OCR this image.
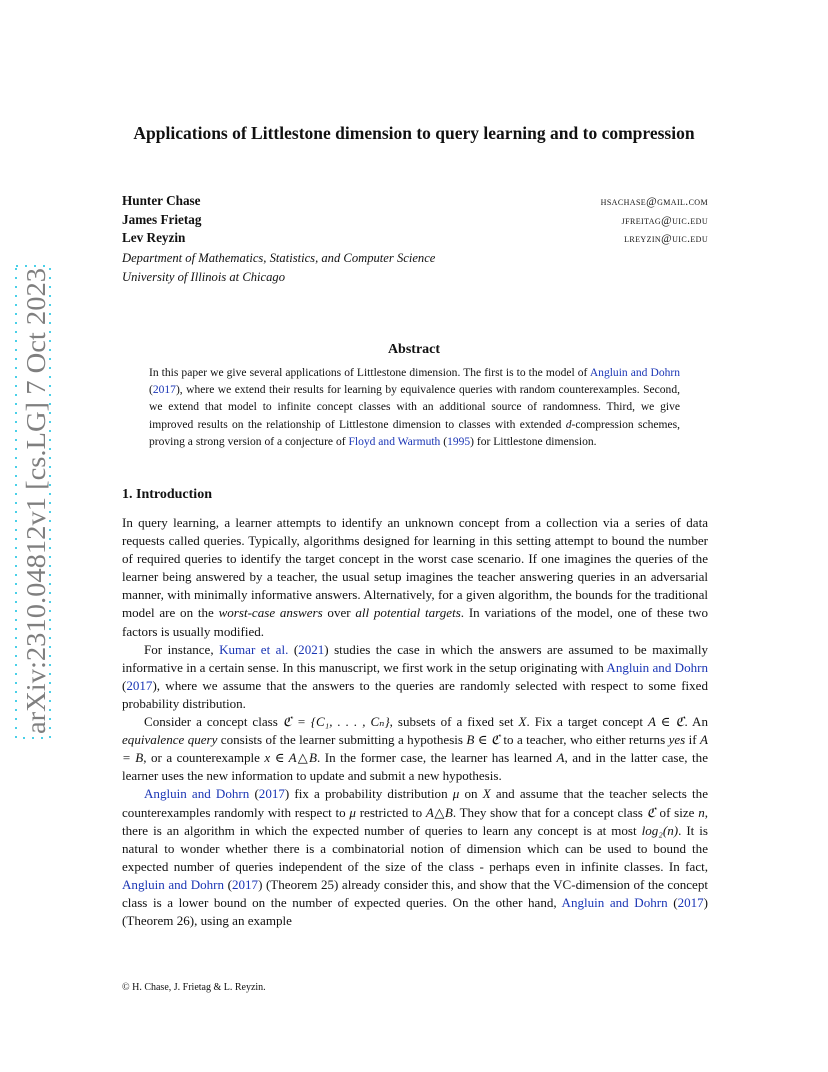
arXiv:2310.04812v1 [cs.LG] 7 Oct 2023
Applications of Littlestone dimension to query learning and to compression
Hunter Chase	hsachase@gmail.com
James Frietag	jfreitag@uic.edu
Lev Reyzin	lreyzin@uic.edu
Department of Mathematics, Statistics, and Computer Science
University of Illinois at Chicago
Abstract
In this paper we give several applications of Littlestone dimension. The first is to the model of Angluin and Dohrn (2017), where we extend their results for learning by equivalence queries with random counterexamples. Second, we extend that model to infinite concept classes with an additional source of randomness. Third, we give improved results on the relationship of Littlestone dimension to classes with extended d-compression schemes, proving a strong version of a conjecture of Floyd and Warmuth (1995) for Littlestone dimension.
1. Introduction

In query learning, a learner attempts to identify an unknown concept from a collection via a series of data requests called queries. Typically, algorithms designed for learning in this setting attempt to bound the number of required queries to identify the target concept in the worst case scenario. If one imagines the queries of the learner being answered by a teacher, the usual setup imagines the teacher answering queries in an adversarial manner, with minimally informative answers. Alternatively, for a given algorithm, the bounds for the traditional model are on the worst-case answers over all potential targets. In variations of the model, one of these two factors is usually modified.

For instance, Kumar et al. (2021) studies the case in which the answers are assumed to be maximally informative in a certain sense. In this manuscript, we first work in the setup originating with Angluin and Dohrn (2017), where we assume that the answers to the queries are randomly selected with respect to some fixed probability distribution.

Consider a concept class ℭ = {C₁, . . . , Cₙ}, subsets of a fixed set X. Fix a target concept A ∈ ℭ. An equivalence query consists of the learner submitting a hypothesis B ∈ ℭ to a teacher, who either returns yes if A = B, or a counterexample x ∈ A△B. In the former case, the learner has learned A, and in the latter case, the learner uses the new information to update and submit a new hypothesis.

Angluin and Dohrn (2017) fix a probability distribution μ on X and assume that the teacher selects the counterexamples randomly with respect to μ restricted to A△B. They show that for a concept class ℭ of size n, there is an algorithm in which the expected number of queries to learn any concept is at most log₂(n). It is natural to wonder whether there is a combinatorial notion of dimension which can be used to bound the expected number of queries independent of the size of the class - perhaps even in infinite classes. In fact, Angluin and Dohrn (2017) (Theorem 25) already consider this, and show that the VC-dimension of the concept class is a lower bound on the number of expected queries. On the other hand, Angluin and Dohrn (2017) (Theorem 26), using an example

© H. Chase, J. Frietag & L. Reyzin.
